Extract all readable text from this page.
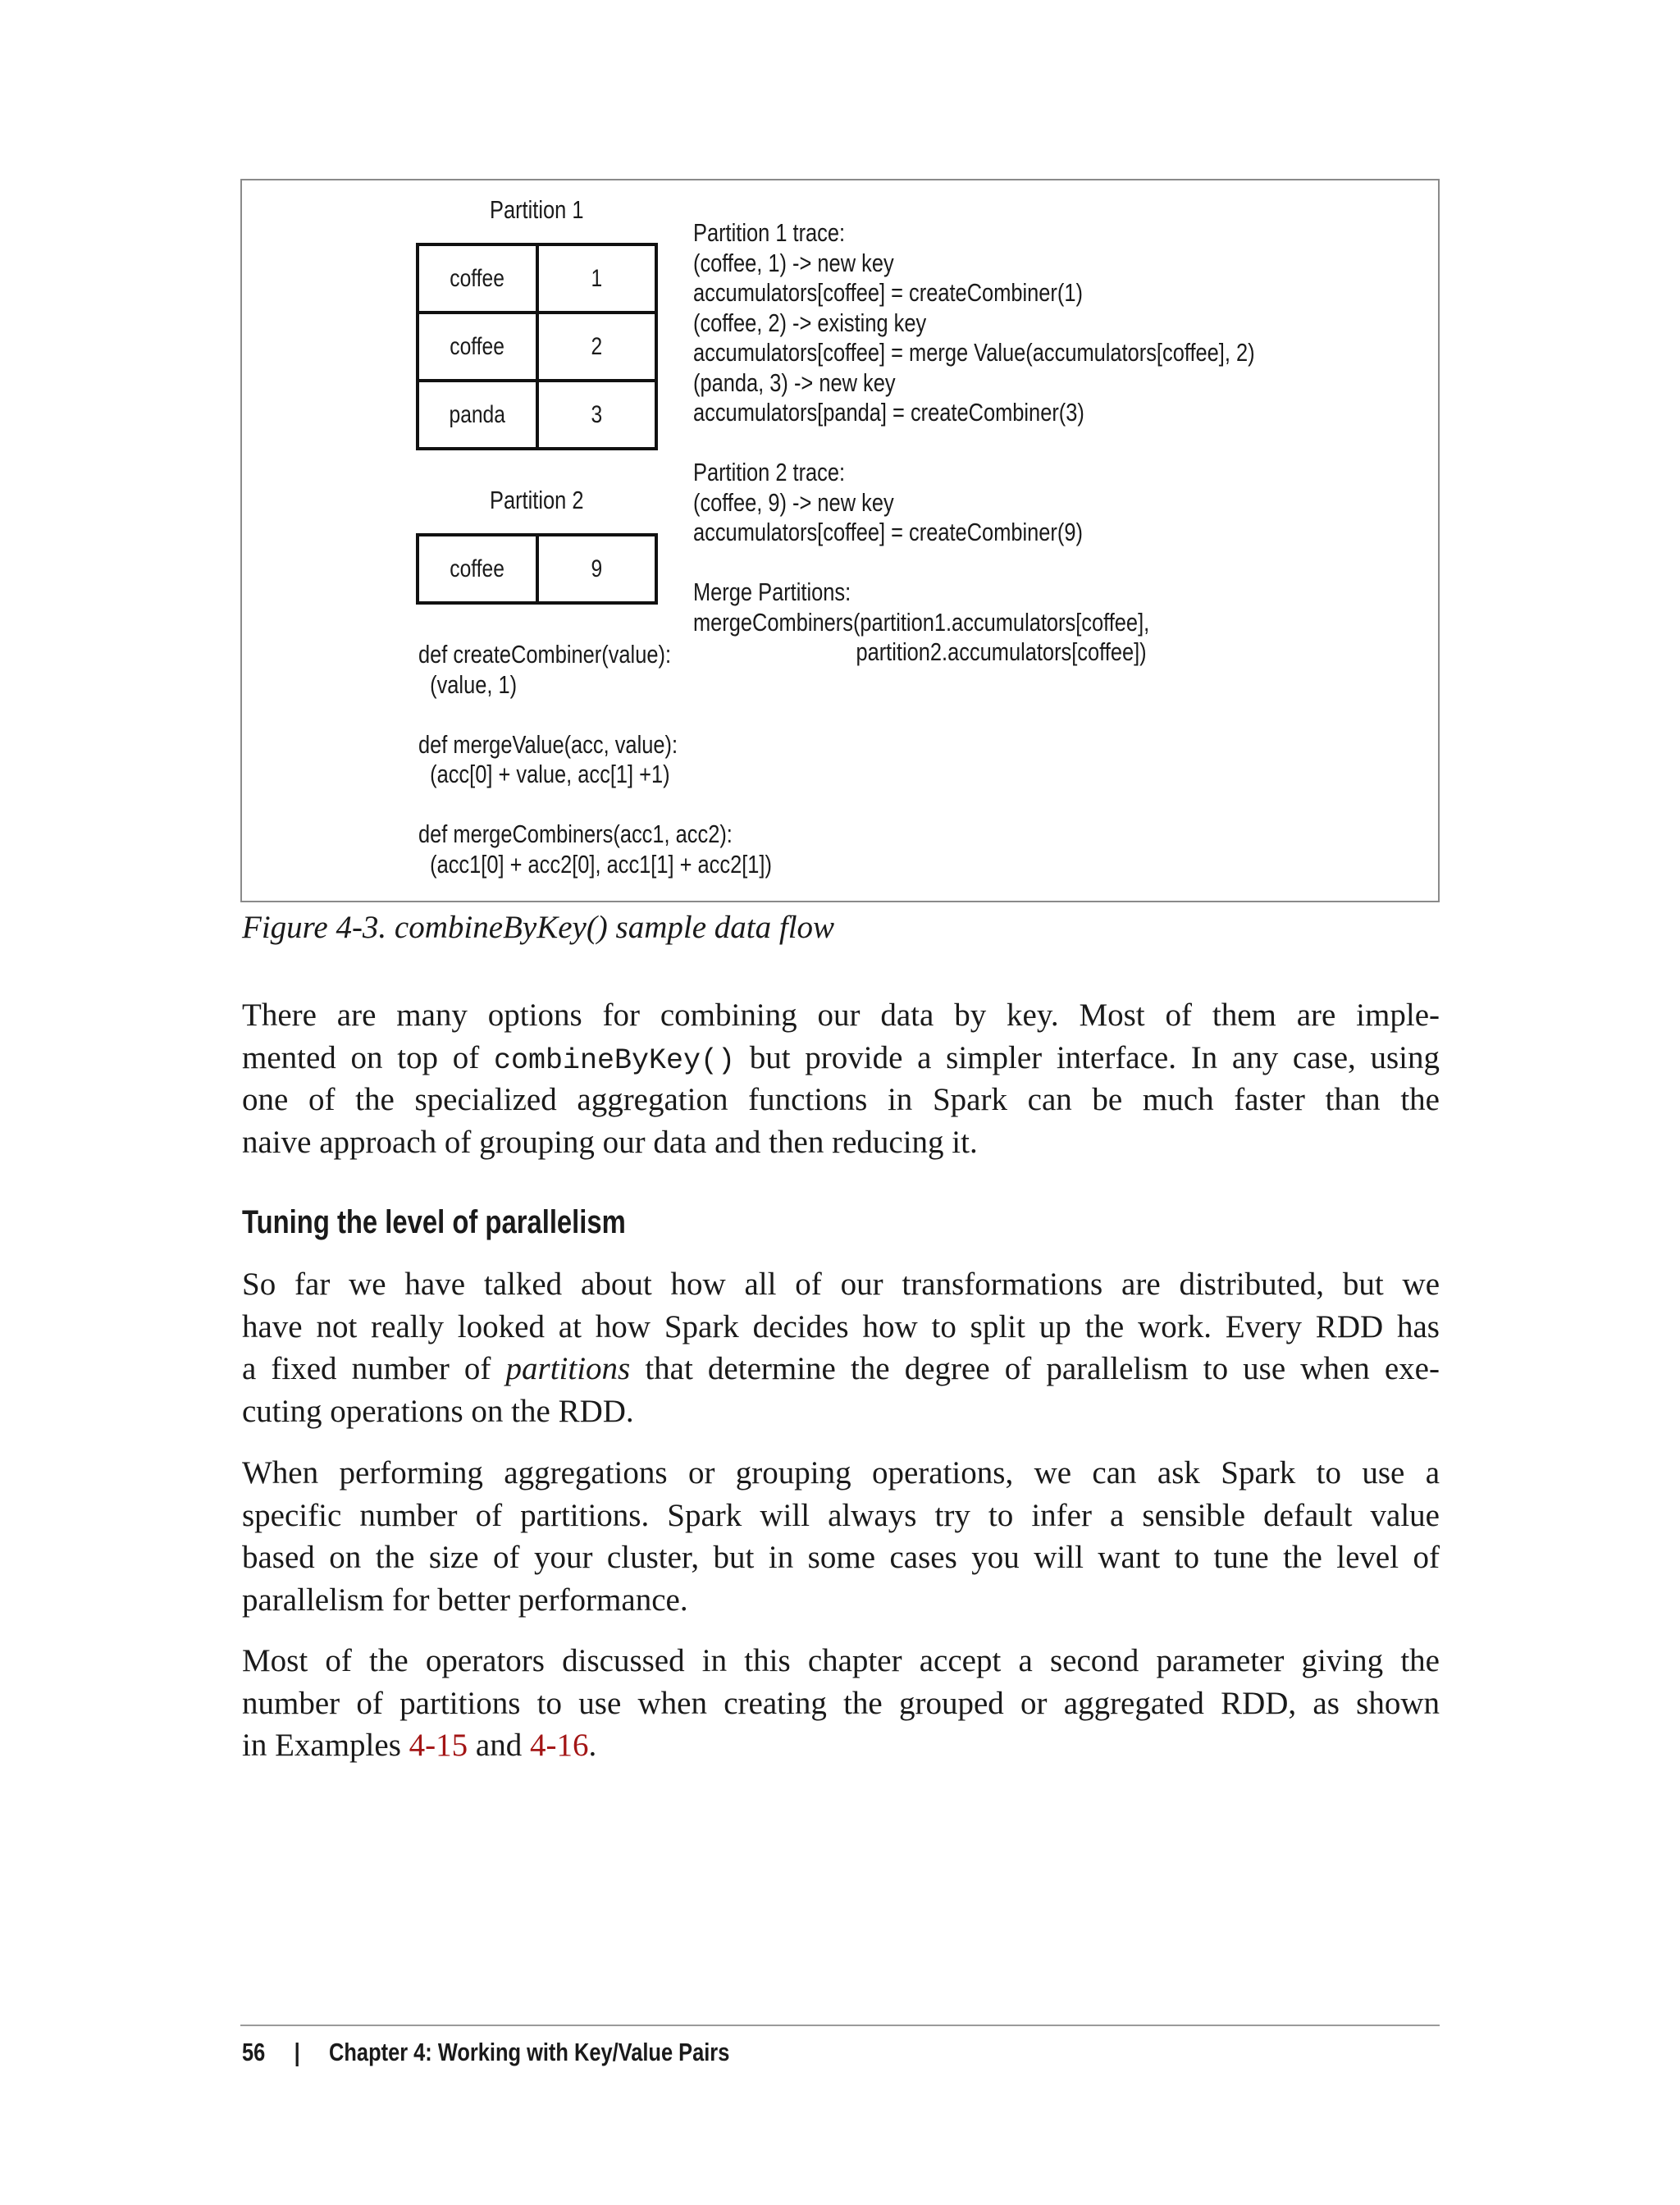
Partition 1
coffee	1
coffee	2
panda	3
Partition 2
coffee	9
def createCombiner(value):
(value, 1)
def mergeValue(acc, value):
(acc[0] + value, acc[1] +1)
def mergeCombiners(acc1, acc2):
(acc1[0] + acc2[0], acc1[1] + acc2[1])
Partition 1 trace:
(coffee, 1) -> new key
accumulators[coffee] = createCombiner(1)
(coffee, 2) -> existing key
accumulators[coffee] = merge Value(accumulators[coffee], 2)
(panda, 3) -> new key
accumulators[panda] = createCombiner(3)
Partition 2 trace:
(coffee, 9) -> new key
accumulators[coffee] = createCombiner(9)
Merge Partitions:
mergeCombiners(partition1.accumulators[coffee],
partition2.accumulators[coffee])
Figure 4-3. combineByKey() sample data flow
There are many options for combining our data by key. Most of them are imple-
mented on top of combineByKey() but provide a simpler interface. In any case, using
one of the specialized aggregation functions in Spark can be much faster than the
naive approach of grouping our data and then reducing it.
Tuning the level of parallelism
So far we have talked about how all of our transformations are distributed, but we
have not really looked at how Spark decides how to split up the work. Every RDD has
a fixed number of partitions that determine the degree of parallelism to use when exe-
cuting operations on the RDD.
When performing aggregations or grouping operations, we can ask Spark to use a
specific number of partitions. Spark will always try to infer a sensible default value
based on the size of your cluster, but in some cases you will want to tune the level of
parallelism for better performance.
Most of the operators discussed in this chapter accept a second parameter giving the
number of partitions to use when creating the grouped or aggregated RDD, as shown
in Examples 4-15 and 4-16.
56 | Chapter 4: Working with Key/Value Pairs
